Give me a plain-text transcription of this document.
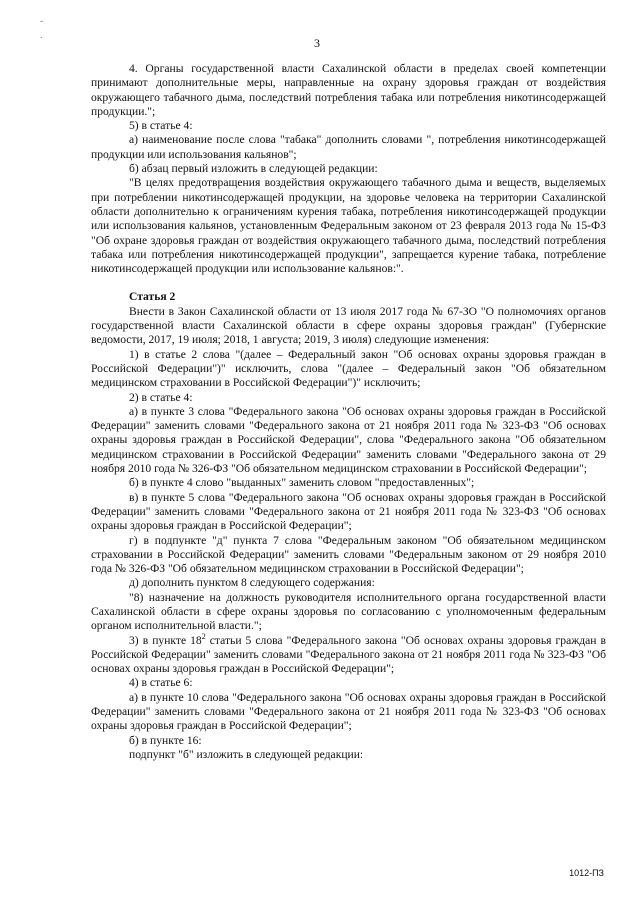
-
.
3

4. Органы государственной власти Сахалинской области в пределах своей компетенции принимают дополнительные меры, направленные на охрану здоровья граждан от воздействия окружающего табачного дыма, последствий потребления табака или потребления никотинсодержащей продукции.";

5) в статье 4:

а) наименование после слова "табака" дополнить словами ", потребления никотинсодержащей продукции или использования кальянов";

б) абзац первый изложить в следующей редакции:

"В целях предотвращения воздействия окружающего табачного дыма и веществ, выделяемых при потреблении никотинсодержащей продукции, на здоровье человека на территории Сахалинской области дополнительно к ограничениям курения табака, потребления никотинсодержащей продукции или использования кальянов, установленным Федеральным законом от 23 февраля 2013 года № 15-ФЗ "Об охране здоровья граждан от воздействия окружающего табачного дыма, последствий потребления табака или потребления никотинсодержащей продукции", запрещается курение табака, потребление никотинсодержащей продукции или использование кальянов:".

Статья 2

Внести в Закон Сахалинской области от 13 июля 2017 года № 67-ЗО "О полномочиях органов государственной власти Сахалинской области в сфере охраны здоровья граждан" (Губернские ведомости, 2017, 19 июля; 2018, 1 августа; 2019, 3 июля) следующие изменения:

1) в статье 2 слова "(далее – Федеральный закон "Об основах охраны здоровья граждан в Российской Федерации")" исключить, слова "(далее – Федеральный закон "Об обязательном медицинском страховании в Российской Федерации")" исключить;

2) в статье 4:

а) в пункте 3 слова "Федерального закона "Об основах охраны здоровья граждан в Российской Федерации" заменить словами "Федерального закона от 21 ноября 2011 года № 323-ФЗ "Об основах охраны здоровья граждан в Российской Федерации", слова "Федерального закона "Об обязательном медицинском страховании в Российской Федерации" заменить словами "Федерального закона от 29 ноября 2010 года № 326-ФЗ "Об обязательном медицинском страховании в Российской Федерации";

б) в пункте 4 слово "выданных" заменить словом "предоставленных";

в) в пункте 5 слова "Федерального закона "Об основах охраны здоровья граждан в Российской Федерации" заменить словами "Федерального закона от 21 ноября 2011 года № 323-ФЗ "Об основах охраны здоровья граждан в Российской Федерации";

г) в подпункте "д" пункта 7 слова "Федеральным законом "Об обязательном медицинском страховании в Российской Федерации" заменить словами "Федеральным законом от 29 ноября 2010 года № 326-ФЗ "Об обязательном медицинском страховании в Российской Федерации";

д) дополнить пунктом 8 следующего содержания:

"8) назначение на должность руководителя исполнительного органа государственной власти Сахалинской области в сфере охраны здоровья по согласованию с уполномоченным федеральным органом исполнительной власти.";

3) в пункте $18^2$ статьи 5 слова "Федерального закона "Об основах охраны здоровья граждан в Российской Федерации" заменить словами "Федерального закона от 21 ноября 2011 года № 323-ФЗ "Об основах охраны здоровья граждан в Российской Федерации";

4) в статье 6:

а) в пункте 10 слова "Федерального закона "Об основах охраны здоровья граждан в Российской Федерации" заменить словами "Федерального закона от 21 ноября 2011 года № 323-ФЗ "Об основах охраны здоровья граждан в Российской Федерации";

б) в пункте 16:

подпункт "б" изложить в следующей редакции:

1012-ПЗ
